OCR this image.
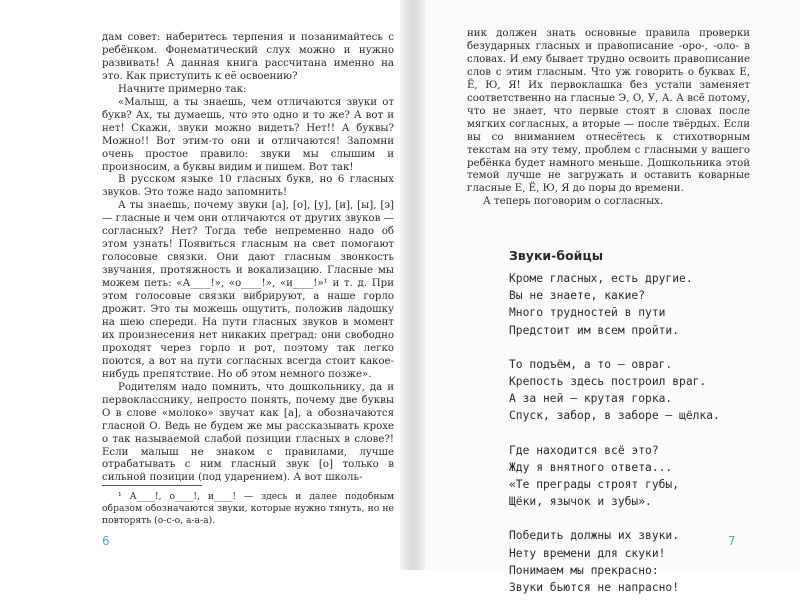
дам совет: наберитесь терпения и позанимайтесь с ребёнком. Фонематический слух можно и нужно развивать! А данная книга рассчитана именно на это. Как приступить к её освоению?

Начните примерно так:

«Малыш, а ты знаешь, чем отличаются звуки от букв? Ах, ты думаешь, что это одно и то же? А вот и нет! Скажи, звуки можно видеть? Нет!! А буквы? Можно!! Вот этим-то они и отличаются! Запомни очень простое правило: звуки мы слышим и произносим, а буквы видим и пишем. Вот так!

В русском языке 10 гласных букв, но 6 гласных звуков. Это тоже надо запомнить!

А ты знаешь, почему звуки [а], [о], [у], [и], [ы], [э] — гласные и чем они отличаются от других звуков — согласных? Нет? Тогда тебе непременно надо об этом узнать! Появиться гласным на свет помогают голосовые связки. Они дают гласным звонкость звучания, протяжность и вокализацию. Гласные мы можем петь: «А____!», «о____!», «и____!»¹ и т. д. При этом голосовые связки вибрируют, а наше горло дрожит. Это ты можешь ощутить, положив ладошку на шею спереди. На пути гласных звуков в момент их произнесения нет никаких преград: они свободно проходят через горло и рот, поэтому так легко поются, а вот на пути согласных всегда стоит какое-нибудь препятствие. Но об этом немного позже».

Родителям надо помнить, что дошкольнику, да и первокласснику, непросто понять, почему две буквы О в слове «молоко» звучат как [а], а обозначаются гласной О. Ведь не будем же мы рассказывать крохе о так называемой слабой позиции гласных в слове?! Если малыш не знаком с правилами, лучше отрабатывать с ним гласный звук [о] только в сильной позиции (под ударением). А вот школь-

¹ А____!, о____!, и____! — здесь и далее подобным образом обозначаются звуки, которые нужно тянуть, но не повторять (о-с-о, а-а-а).
6

ник должен знать основные правила проверки безударных гласных и правописание -оро-, -оло- в словах. И ему бывает трудно освоить правописание слов с этим гласным. Что уж говорить о буквах Е, Ё, Ю, Я! Их первоклашка без устали заменяет соответственно на гласные Э, О, У, А. А всё потому, что не знает, что первые стоят в словах после мягких согласных, а вторые — после твёрдых. Если вы со вниманием отнесётесь к стихотворным текстам на эту тему, проблем с гласными у вашего ребёнка будет намного меньше. Дошкольника этой темой лучше не загружать и оставить коварные гласные Е, Ё, Ю, Я до поры до времени.

А теперь поговорим о согласных.

Звуки-бойцы
Кроме гласных, есть другие.
Вы не знаете, какие?
Много трудностей в пути
Предстоит им всем пройти.
То подъём, а то — овраг.
Крепость здесь построил враг.
А за ней — крутая горка.
Спуск, забор, в заборе — щёлка.
Где находится всё это?
Жду я внятного ответа...
«Те преграды строят губы,
Щёки, язычок и зубы».
Победить должны их звуки.
Нету времени для скуки!
Понимаем мы прекрасно:
Звуки бьются не напрасно!
7
